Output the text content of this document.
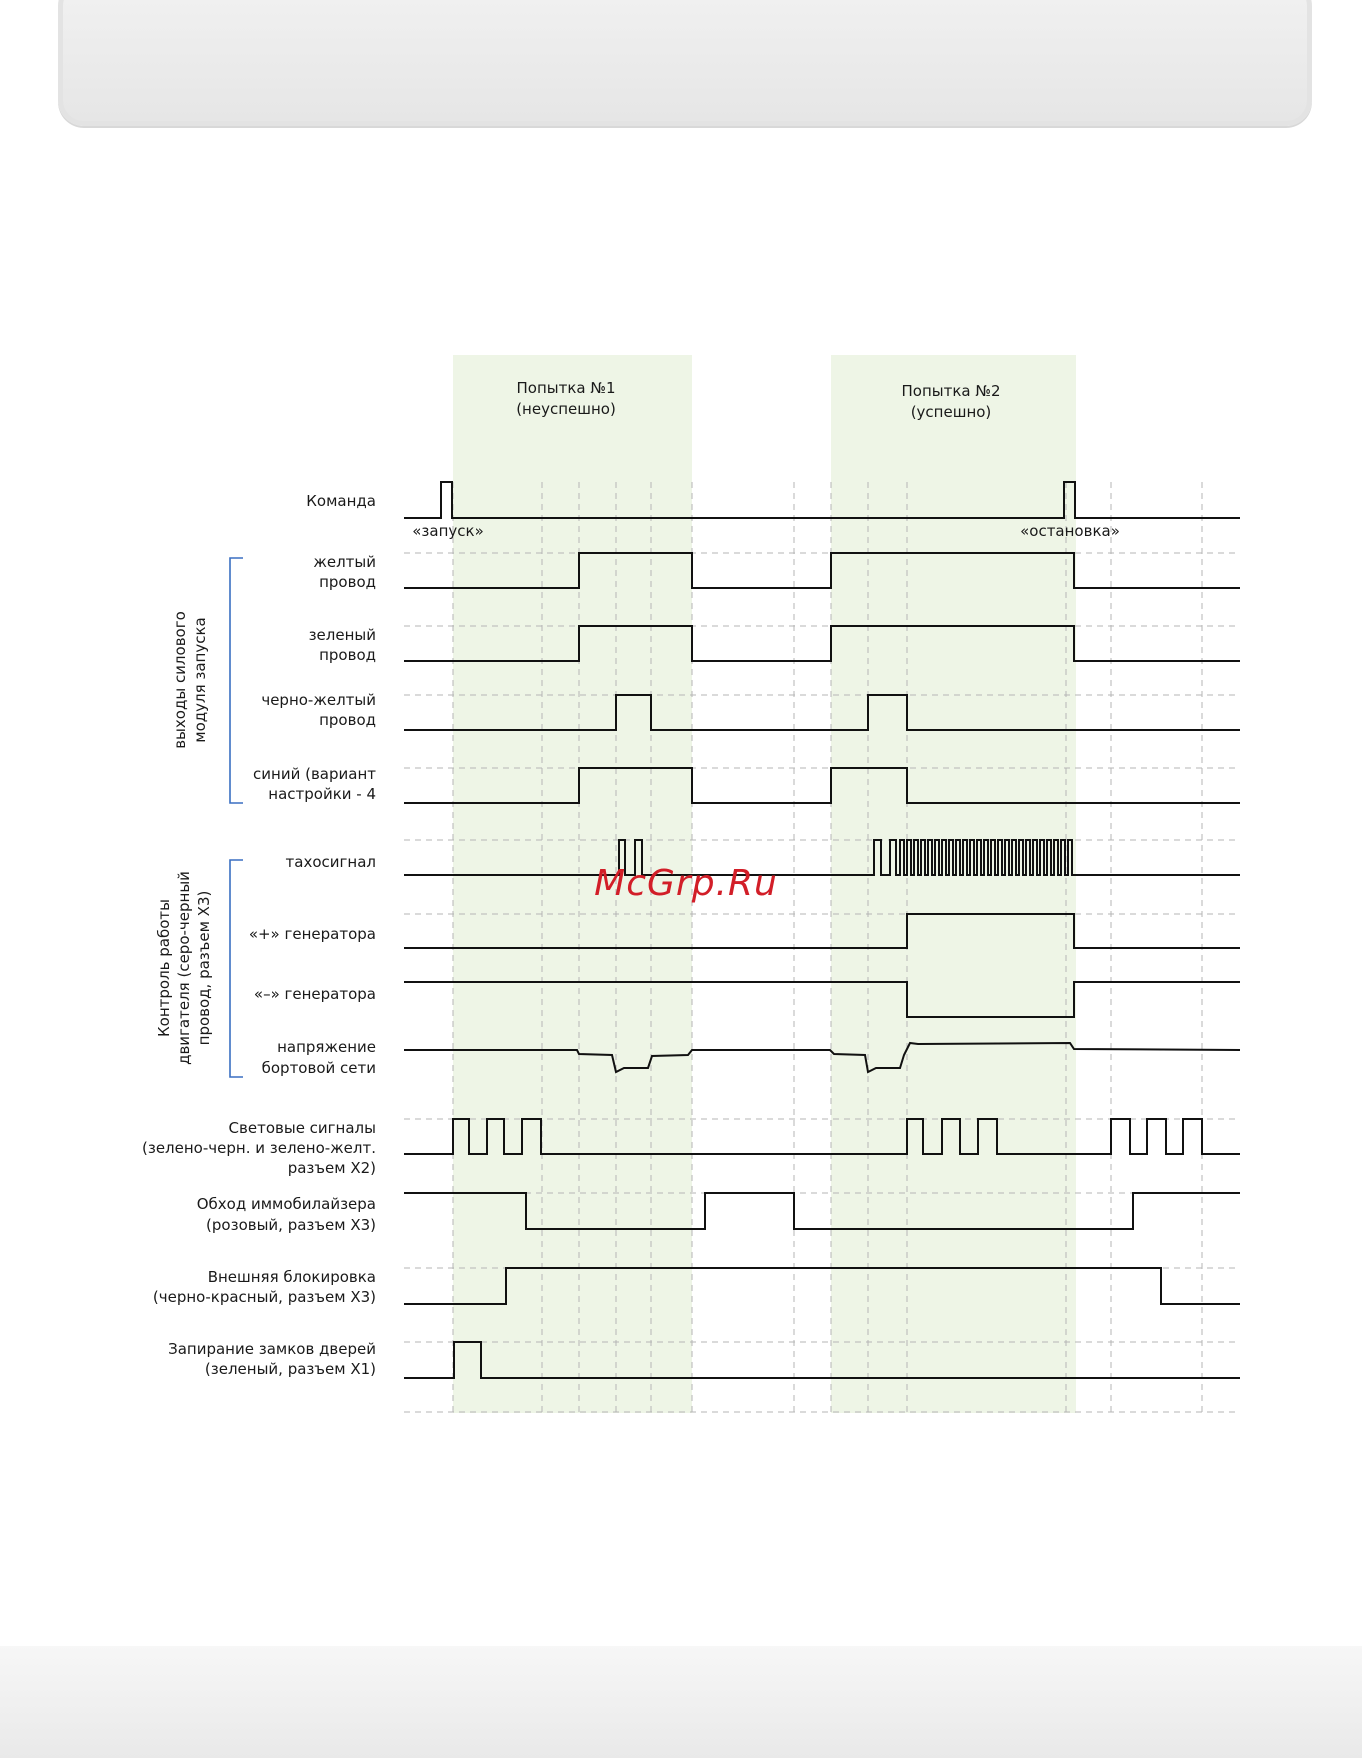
Попытка №1
(неуспешно)
Попытка №2
(успешно)
Команда
«запуск»	«остановка»
желтый
провод
зеленый
провод
черно-желтый
провод
синий (вариант
настройки - 4
тахосигнал
«+» генератора
«–» генератора
напряжение
бортовой сети
Световые сигналы
(зелено-черн. и зелено-желт.
разъем X2)
Обход иммобилайзера
(розовый, разъем X3)
Внешняя блокировка
(черно-красный, разъем X3)
Запирание замков дверей
(зеленый, разъем X1)
выходы силового модуля запуска
Контроль работы двигателя (серо-черный провод, разъем X3)
McGrp.Ru
